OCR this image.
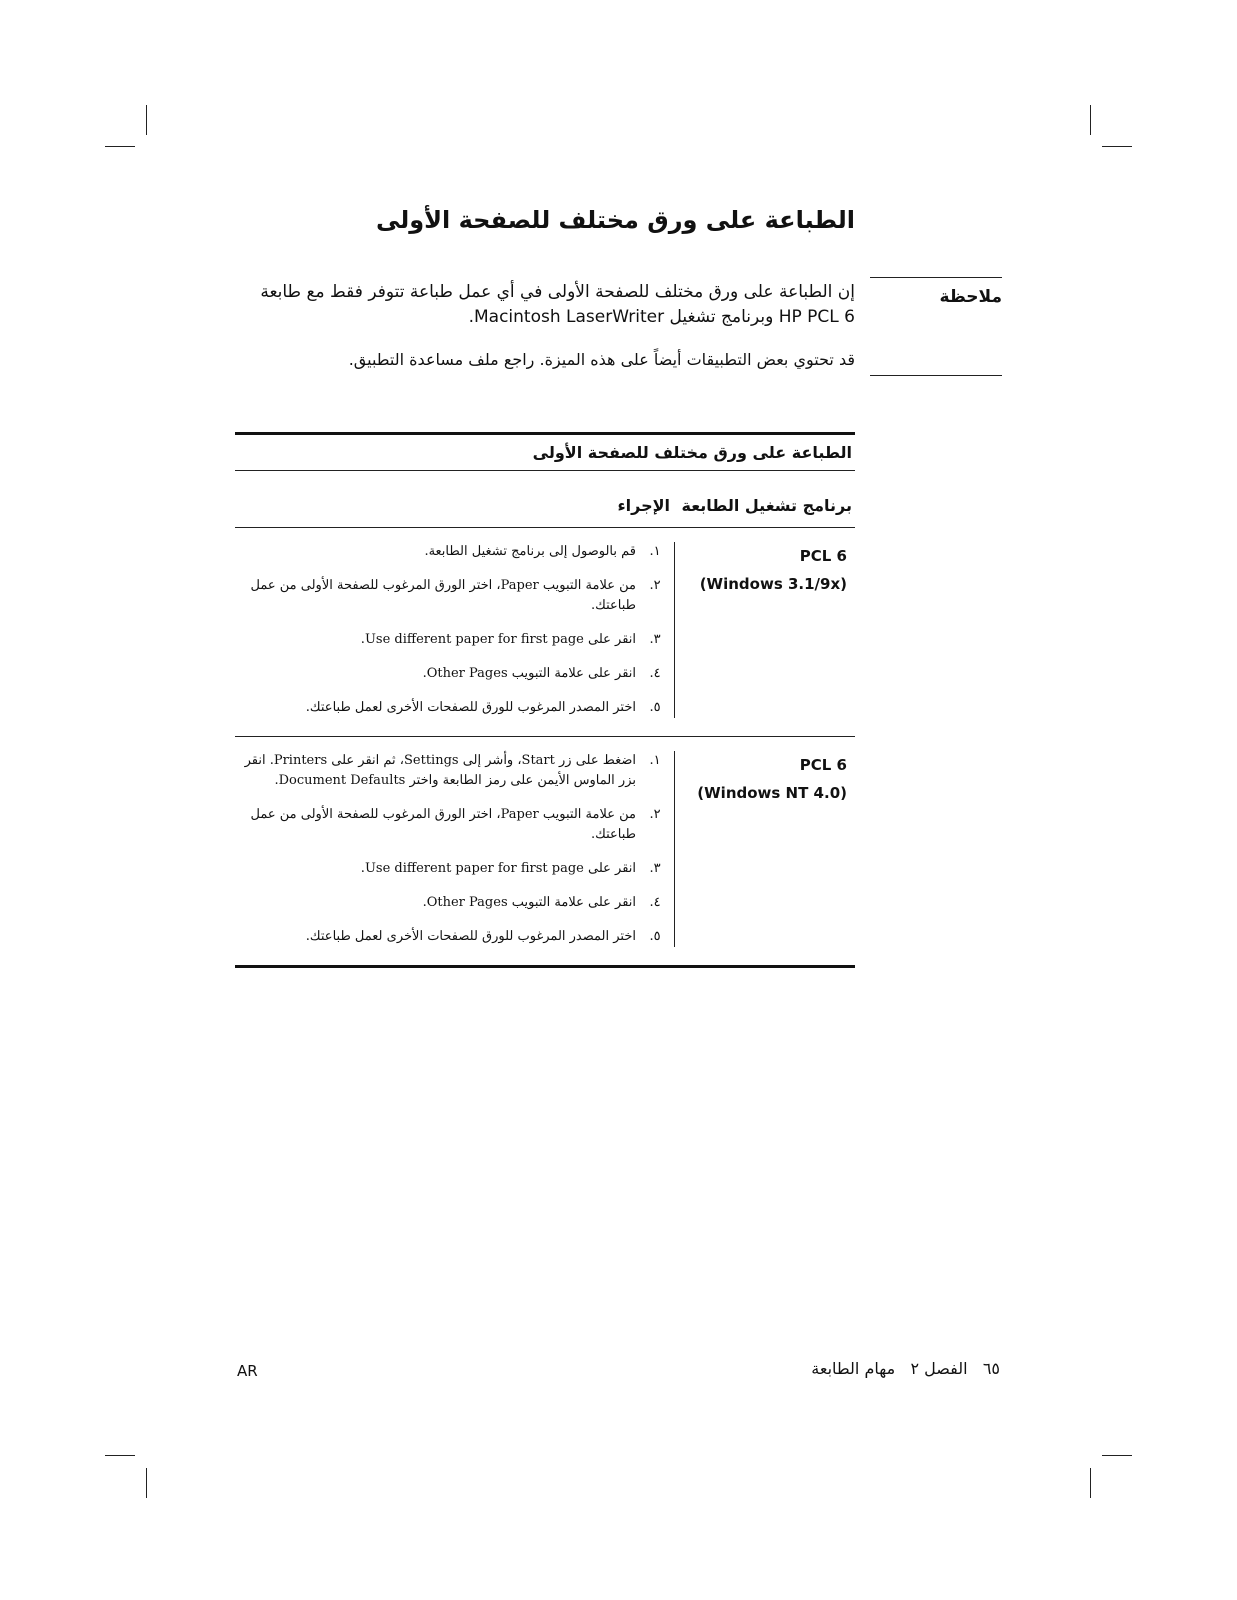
الطباعة على ورق مختلف للصفحة الأولى
ملاحظة

إن الطباعة على ورق مختلف للصفحة الأولى في أي عمل طباعة تتوفر فقط مع طابعة HP PCL 6 وبرنامج تشغيل Macintosh LaserWriter.

قد تحتوي بعض التطبيقات أيضاً على هذه الميزة. راجع ملف مساعدة التطبيق.

الطباعة على ورق مختلف للصفحة الأولى
برنامج تشغيل الطابعة
الإجراء
PCL 6
(Windows 3.1/9x)
١.
قم بالوصول إلى برنامج تشغيل الطابعة.
٢.
من علامة التبويب Paper، اختر الورق المرغوب للصفحة الأولى من عمل طباعتك.
٣.
انقر على Use different paper for first page.
٤.
انقر على علامة التبويب Other Pages.
٥.
اختر المصدر المرغوب للورق للصفحات الأخرى لعمل طباعتك.
PCL 6
(Windows NT 4.0)
١.
اضغط على زر Start، وأشر إلى Settings، ثم انقر على Printers. انقر بزر الماوس الأيمن على رمز الطابعة واختر Document Defaults.
٢.
من علامة التبويب Paper، اختر الورق المرغوب للصفحة الأولى من عمل طباعتك.
٣.
انقر على Use different paper for first page.
٤.
انقر على علامة التبويب Other Pages.
٥.
اختر المصدر المرغوب للورق للصفحات الأخرى لعمل طباعتك.
AR	٦٥   الفصل ٢   مهام الطابعة
